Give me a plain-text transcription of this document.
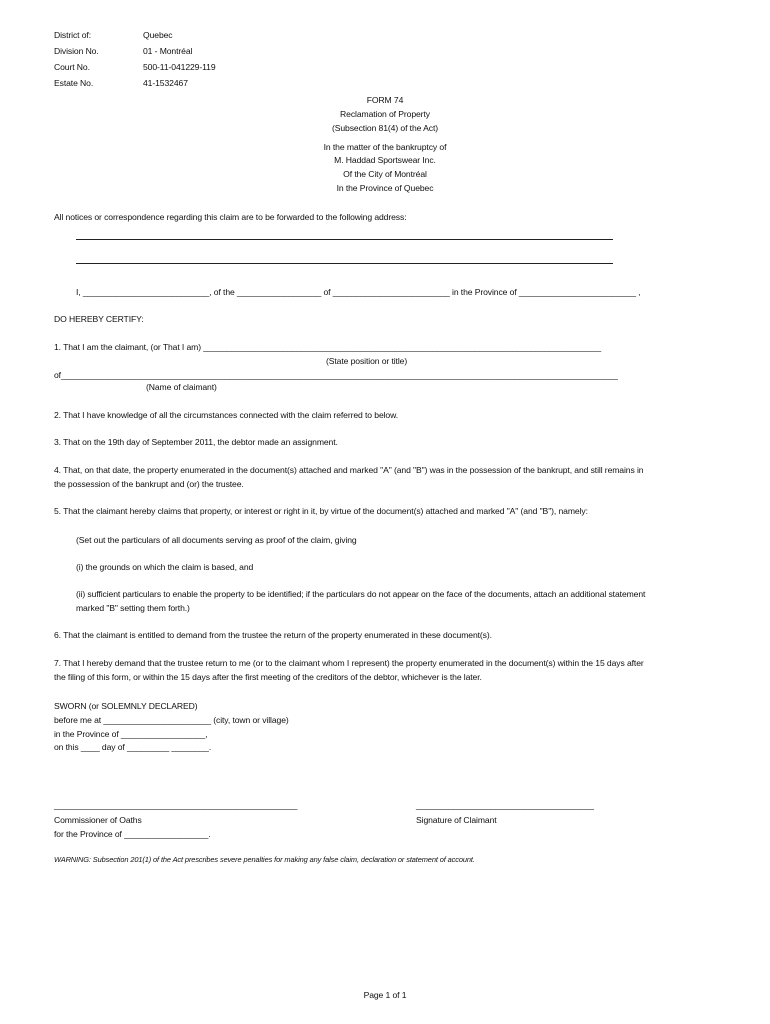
District of:	Quebec
Division No.	01 - Montréal
Court No.	500-11-041229-119
Estate No.	41-1532467
FORM 74
Reclamation of Property
(Subsection 81(4) of the Act)
In the matter of the bankruptcy of
M. Haddad Sportswear Inc.
Of the City of Montréal
In the Province of Quebec
All notices or correspondence regarding this claim are to be forwarded to the following address:
I, ___________________________, of the __________________ of _________________________ in the Province of _________________________ ,
DO HEREBY CERTIFY:
1. That I am the claimant, (or That I am) _____________________________________________________________________________________
(State position or title)
of_______________________________________________________________________________________________________________________
(Name of claimant)
2. That I have knowledge of all the circumstances connected with the claim referred to below.
3. That on the 19th day of September 2011, the debtor made an assignment.
4. That, on that date, the property enumerated in the document(s) attached and marked "A" (and "B") was in the possession of the bankrupt, and still remains in
the possession of the bankrupt and (or) the trustee.
5. That the claimant hereby claims that property, or interest or right in it, by virtue of the document(s) attached and marked "A" (and "B"), namely:
(Set out the particulars of all documents serving as proof of the claim, giving
(i) the grounds on which the claim is based, and
(ii) sufficient particulars to enable the property to be identified; if the particulars do not appear on the face of the documents, attach an additional statement
marked "B" setting them forth.)
6. That the claimant is entitled to demand from the trustee the return of the property enumerated in these document(s).
7. That I hereby demand that the trustee return to me (or to the claimant whom I represent) the property enumerated in the document(s) within the 15 days after
the filing of this form, or within the 15 days after the first meeting of the creditors of the debtor, whichever is the later.
SWORN (or SOLEMNLY DECLARED)
before me at _______________________ (city, town or village)
in the Province of __________________,
on this ____ day of _________ ________.
____________________________________________________	______________________________________
Commissioner of Oaths	Signature of Claimant
for the Province of __________________.
WARNING: Subsection 201(1) of the Act prescribes severe penalties for making any false claim, declaration or statement of account.
Page 1 of 1
